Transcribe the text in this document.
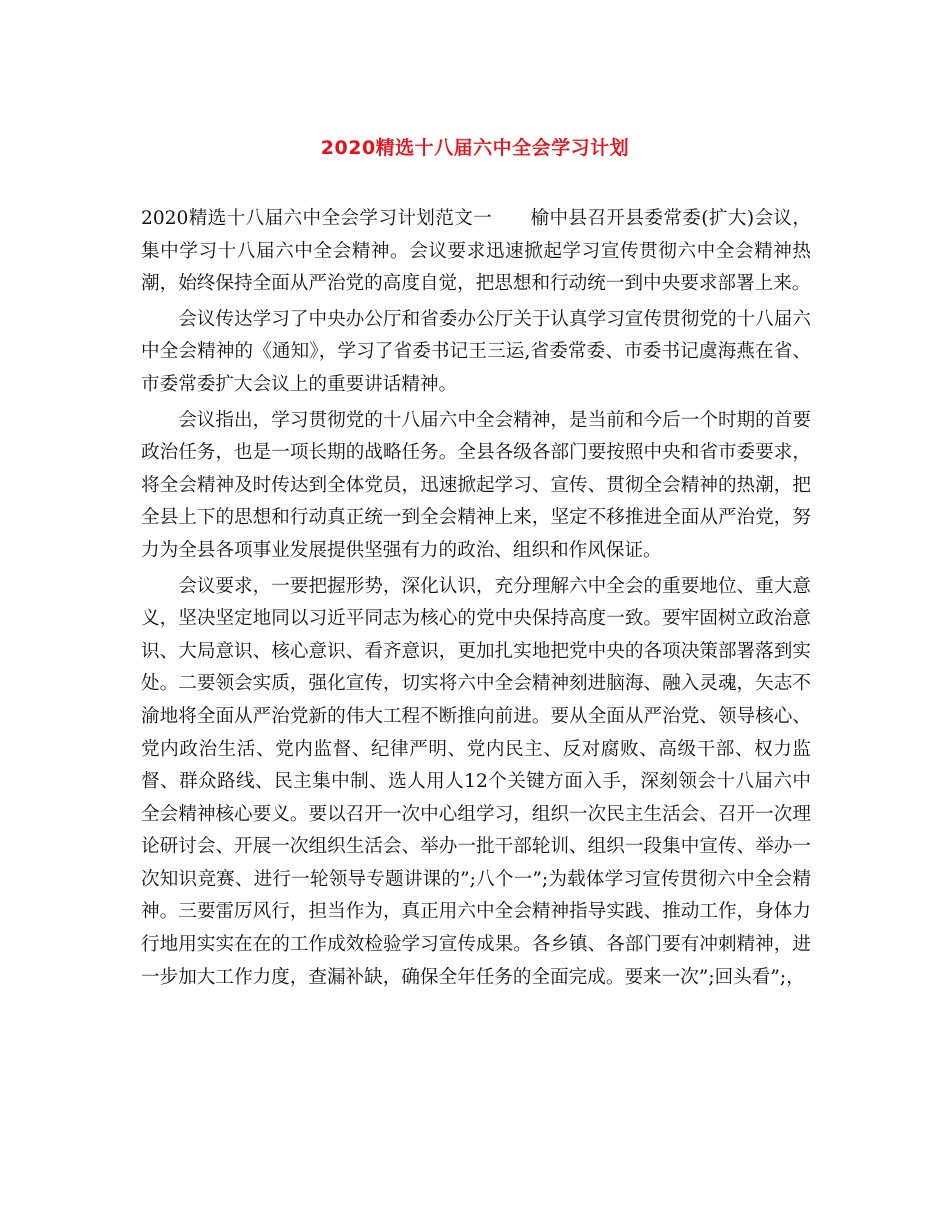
2020精选十八届六中全会学习计划

2020精选十八届六中全会学习计划范文一 榆中县召开县委常委(扩大)会议，集中学习十八届六中全会精神。会议要求迅速掀起学习宣传贯彻六中全会精神热潮，始终保持全面从严治党的高度自觉，把思想和行动统一到中央要求部署上来。

会议传达学习了中央办公厅和省委办公厅关于认真学习宣传贯彻党的十八届六中全会精神的《通知》，学习了省委书记王三运,省委常委、市委书记虞海燕在省、市委常委扩大会议上的重要讲话精神。

会议指出，学习贯彻党的十八届六中全会精神，是当前和今后一个时期的首要政治任务，也是一项长期的战略任务。全县各级各部门要按照中央和省市委要求，将全会精神及时传达到全体党员，迅速掀起学习、宣传、贯彻全会精神的热潮，把全县上下的思想和行动真正统一到全会精神上来，坚定不移推进全面从严治党，努力为全县各项事业发展提供坚强有力的政治、组织和作风保证。

会议要求，一要把握形势，深化认识，充分理解六中全会的重要地位、重大意义，坚决坚定地同以习近平同志为核心的党中央保持高度一致。要牢固树立政治意识、大局意识、核心意识、看齐意识，更加扎实地把党中央的各项决策部署落到实处。二要领会实质，强化宣传，切实将六中全会精神刻进脑海、融入灵魂，矢志不渝地将全面从严治党新的伟大工程不断推向前进。要从全面从严治党、领导核心、党内政治生活、党内监督、纪律严明、党内民主、反对腐败、高级干部、权力监督、群众路线、民主集中制、选人用人12个关键方面入手，深刻领会十八届六中全会精神核心要义。要以召开一次中心组学习，组织一次民主生活会、召开一次理论研讨会、开展一次组织生活会、举办一批干部轮训、组织一段集中宣传、举办一次知识竞赛、进行一轮领导专题讲课的”;八个一”;为载体学习宣传贯彻六中全会精神。三要雷厉风行，担当作为，真正用六中全会精神指导实践、推动工作，身体力行地用实实在在的工作成效检验学习宣传成果。各乡镇、各部门要有冲刺精神，进一步加大工作力度，查漏补缺，确保全年任务的全面完成。要来一次”;回头看”;，
